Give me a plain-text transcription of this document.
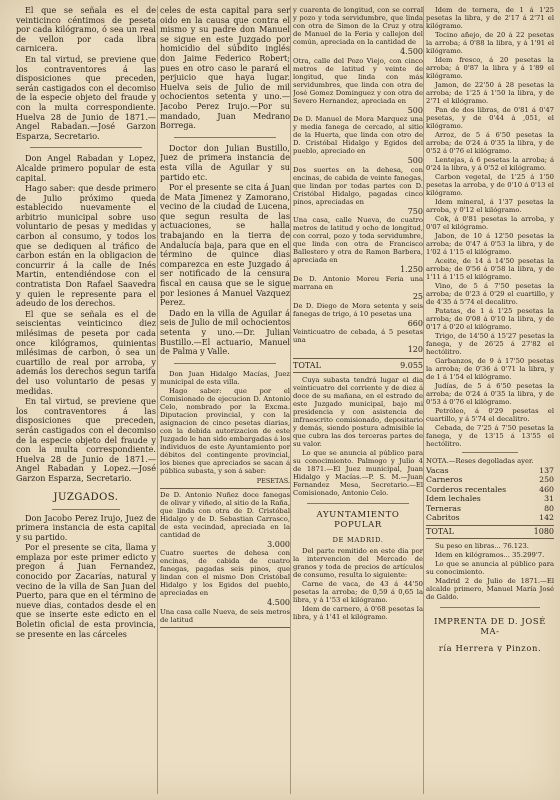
El que se señala es el de veinticinco céntimos de peseta por cada kilógramo, ó sea un real de vellon por cada libra carnicera.

En tal virtud, se previene que los contraventores á las disposiciones que preceden, serán castigados con el decomiso de la especie objeto del fraude y con la multa correspondiente. Huelva 28 de Junio de 1871.—Angel Rabadan.—José Garzon Esparza, Secretario.

Don Angel Rabadan y Lopez, Alcalde primero popular de esta capital.

Hago saber: que desde primero de Julio próximo queda establecido nuevamente el arbitrio municipal sobre uso voluntario de pesas y medidas y carbon al consumo, y todos los que se dediquen al tráfico de carbon están en la obligacion de concurrir á la calle de Inés Martin, entendiéndose con el contratista Don Rafael Saavedra y quien le represente para el adeudo de los derechos.

El que se señala es el de seiscientas veinticinco diez milésimas de peseta por cada once kilógramos, quinientas milésimas de carbon, ó sea un cuartillo de real por arroba, y además los derechos segun tarifa del uso voluntario de pesas y medidas.

En tal virtud, se previene que los contraventores á las disposiciones que preceden, serán castigados con el decomiso de la especie objeto del fraude y con la multa correspondiente. Huelva 28 de Junio de 1871.—Angel Rabadan y Lopez.—José Garzon Esparza, Secretario.

JUZGADOS.

Don Jacobo Perez Irujo, Juez de primera instancia de esta capital y su partido.

Por el presente se cita, llama y emplaza por este primer edicto y pregon á Juan Fernandez, conocido por Zacarías, natural y vecino de la villa de San Juan del Puerto, para que en el término de nueve dias, contados desde el en que se inserte este edicto en el Boletin oficial de esta provincia, se presente en las cárceles

celes de esta capital para ser oido en la causa que contra el mismo y su padre don Manuel se sigue en este Juzgado por homicidio del súbdito inglés don Jaime Federico Robert; pues en otro caso le parará el perjuicio que haya lugar. Huelva seis de Julio de mil ochocientos setenta y uno.—Jacobo Perez Irujo.—Por su mandado, Juan Medrano Borrega.

Doctor don Julian Bustillo, Juez de primera instancia de esta villa de Aguilar y su partido etc.

Por el presente se cita á Juan de Mata Jimenez y Zamorano, vecino de la ciudad de Lucena, que segun resulta de las actuaciones, se halla trabajando en la tierra de Andalucía baja, para que en el término de quince dias comparezca en este Juzgado á ser notificado de la censura fiscal en causa que se le sigue por lesiones á Manuel Vazquez Perez.

Dado en la villa de Aguilar á seis de Julio de mil ochocientos setenta y uno.—Dr. Julian Bustillo.—El actuario, Manuel de Palma y Valle.

Don Juan Hidalgo Macías, Juez municipal de esta villa.

Hago saber: que por el Comisionado de ejecucion D. Antonio Celo, nombrado por la Excma. Diputacion provincial, y con la asignacion de cinco pesetas diarias, con la debida autorizacion de este Juzgado le han sido embargadas á los individuos de este Ayuntamiento por débitos del contingente provincial, los bienes que apreciados se sacan á pública subasta, y son á saber:

PESETAS.

De D. Antonio Nuñez doce fanegas de olivar y viñedo, al sitio de la Raña, que linda con otra de D. Cristóbal Hidalgo y de D. Sebastian Carrasco, de esta vecindad, apreciada en la cantidad de

3.000

Cuatro suertes de dehesa con encinas, de cabida de cuatro fanegas, pagadas seis pinos, que lindan con el mismo Don Cristóbal Hidalgo y los Egidos del pueblo, apreciadas en

4.500

Una casa calle Nueva, de seis metros de latitud

y cuarenta de longitud, con se corral y pozo y toda servidumbre, que linda con otra de Simon de la Cruz y otra de Manuel de la Feria y callejon del común, apreciada en la cantidad de

4.500

Otra, calle del Pozo Viejo, con cinco metros de latitud y veinte de longitud, que linda con más servidumbres, que linda con otra de José Gomez Dominguez y con otra de Severo Hernandez, apreciada en

500

De D. Manuel de Mora Marquez una y media fanega de cercado, al sitio de la Huerta, que linda con otro de D. Cristóbal Hidalgo y Egidos del pueblo, apreciado en

500

Dos suertes en la dehesa, con encinas, de cabida de veinte fanegas, que lindan por todas partes con D. Cristóbal Hidalgo, pagadas cinco pinos, apreciadas en

750

Una casa, calle Nueva, de cuatro metros de latitud y ocho de longitud, con corral, pozo y toda servidumbre, que linda con otra de Francisco Ballestero y otra de Ramon Barbera, apreciada en

1.250

De D. Antonio Moreu Feria una marrana en

25

De D. Diego de Mora setenta y seis fanegas de trigo, á 10 pesetas una

660

Veinticuatro de cebada, á 5 pesetas una

120
TOTAL	9.055

Cuya subasta tendrá lugar el dia veinticuatro del corriente y de diez á doce de su mañana, en el estrado de este Juzgado municipal, bajo mi presidencia y con asistencia de infraescrito comisionado, depositario y demás, siendo postura admisible la que cubra las dos terceras partes de su valor.

Lo que se anuncia al público para su conocimiento. Palmogo y Julio 4 de 1871.—El Juez municipal, Juan Hidalgo y Macías.—P. S. M.—Juan Fernandez Mesa, Secretario.—El Comisionado, Antonio Celo.

AYUNTAMIENTO POPULAR
DE MADRID.

Del parte remitido en este dia por la intervencion del Mercado de granos y toda de precios de artículos de consumo, resulta lo siguiente:

Carne de vaca, de 43 á 44'50 pesetas la arroba; de 0,59 á 0,65 la libra, y á 1'53 el kilógramo.

Idem de carnero, á 0'68 pesetas la libra, y á 1'41 el kilógramo.

Idem de ternera, de 1 á 1'25 pesetas la libra, y de 2'17 á 2'71 el kilógramo.

Tocino añejo, de 20 á 22 pesetas la arroba; á 0'88 la libra, y á 1'91 el kilógramo.

Idem fresco, á 20 pesetas la arroba; á 0'87 la libra y á 1'89 el kilógramo.

Jamon, de 22'50 á 28 pesetas la arroba; de 1'25 á 1'50 la libra, y de 2'71 el kilógramo.

Pan de dos libras, de 0'81 á 0'47 pesetas, y de 0'44 á ,051, el kilógramo.

Arroz, de 5 á 6'50 pesetas la arroba; de 0'24 á 0'35 la libra, y de 0'52 á 0'76 el kilógramo.

Lentejas, á 6 pesetas la arroba; á 0'24 la libra, y á 0'52 el kilógramo.

Carbon vegetal, de 1'25 á 1'50 pesetas la arroba, y de 0'10 á 0'13 el kilógramo.

Idem mineral, á 1'37 pesetas la arroba, y 0'12 el kilógramo.

Cok, á 0'81 pesetas la arroba, y 0'07 el kilógramo.

Jabon, de 10 á 12'50 pesetas la arroba; de 0'47 á 0'53 la libra, y de 1'02 á 1'15 el kilógramo.

Aceite, de 14 á 14'50 pesetas la arroba; de 0'56 á 0'58 la libra, y de 1'11 á 1'15 el kilógramo.

Vino, de 5 á 7'50 pesetas la arroba; de 0'23 á 0'29 el cuartillo, y de 4'35 á 5'74 el decalitro.

Patatas, de 1 á 1'25 pesetas la arroba; de 0'08 á 0'10 la libra, y de 0'17 á 0'20 el kilógramo.

Trigo, de 14'50 á 15'27 pesetas la fanega, y de 26'25 á 27'82 el hectólitro.

Garbanzos, de 9 á 17'50 pesetas la arroba; de 0'36 á 0'71 la libra, y de 1 á 1'54 el kilógramo.

Judías, de 5 á 6'50 pesetas la arroba; de 0'24 á 0'35 la libra, y de 0'53 á 0'76 el kilógramo.

Petróleo, á 0'29 pesetas el cuartillo, y á 5'74 el decalitro.

Cebada, de 7'25 á 7'50 pesetas la fanega, y de 13'15 á 13'55 el hectólitro.

NOTA.—Reses degolladas ayer.

Vacas	137
Carneros	250
Corderos recentales	460
Idem lechales	31
Terneras	80
Cabritos	142
TOTAL	1080

Su peso en libras... 76.123.

Idem en kilógramos... 35.299'7.

Lo que se anuncia al público para su conocimiento.

Madrid 2 de Julio de 1871.—El alcalde primero, Manuel María José de Galdo.

IMPRENTA DE D. JOSÉ MA-
ría Herrera y Pinzon.
